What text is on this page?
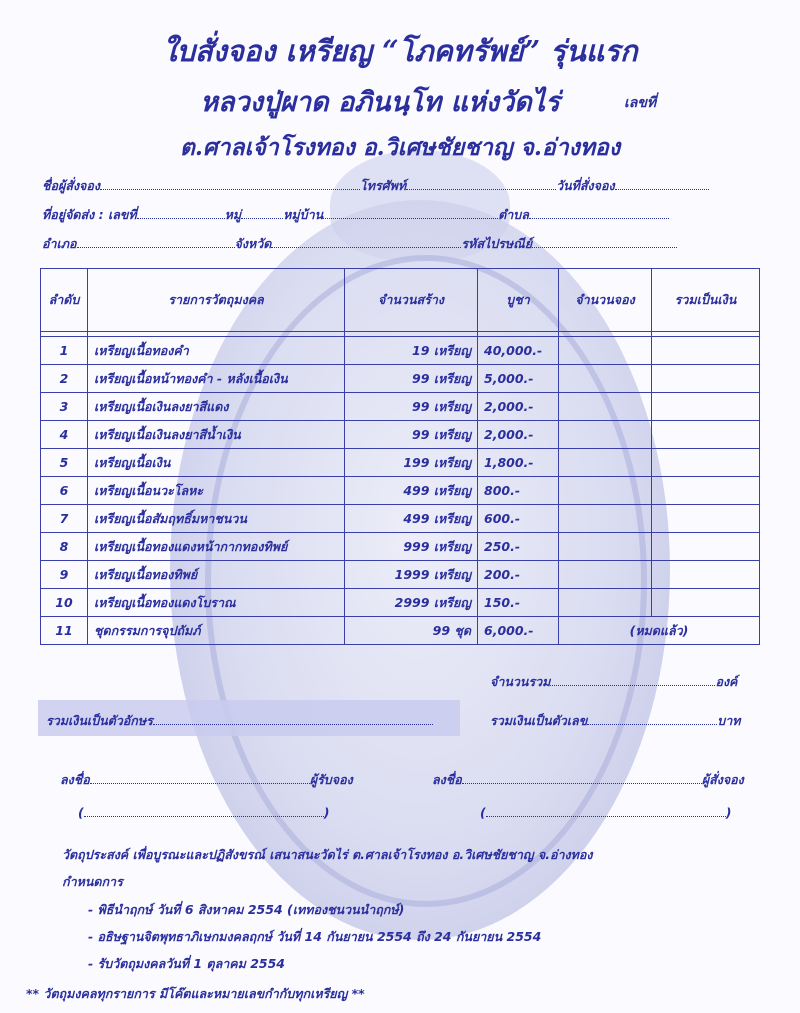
ใบสั่งจอง เหรียญ “โภคทรัพย์” รุ่นแรก
หลวงปู่ผาด อภินนฺโท แห่งวัดไร่	เลขที่
ต.ศาลเจ้าโรงทอง อ.วิเศษชัยชาญ จ.อ่างทอง
ชื่อผู้สั่งจอง	โทรศัพท์	วันที่สั่งจอง
ที่อยู่จัดส่ง : เลขที่	หมู่	หมู่บ้าน	ตำบล
อำเภอ	จังหวัด	รหัสไปรษณีย์
ลำดับ	รายการวัตถุมงคล	จำนวนสร้าง	บูชา	จำนวนจอง	รวมเป็นเงิน

1	เหรียญเนื้อทองคำ	19 เหรียญ	40,000.-		
2	เหรียญเนื้อหน้าทองคำ - หลังเนื้อเงิน	99 เหรียญ	5,000.-		
3	เหรียญเนื้อเงินลงยาสีแดง	99 เหรียญ	2,000.-		
4	เหรียญเนื้อเงินลงยาสีน้ำเงิน	99 เหรียญ	2,000.-		
5	เหรียญเนื้อเงิน	199 เหรียญ	1,800.-		
6	เหรียญเนื้อนวะโลหะ	499 เหรียญ	800.-		
7	เหรียญเนื้อสัมฤทธิ์มหาชนวน	499 เหรียญ	600.-		
8	เหรียญเนื้อทองแดงหน้ากากทองทิพย์	999 เหรียญ	250.-		
9	เหรียญเนื้อทองทิพย์	1999 เหรียญ	200.-		
10	เหรียญเนื้อทองแดงโบราณ	2999 เหรียญ	150.-		
11	ชุดกรรมการจุปถัมภ์	99 ชุด	6,000.-	(หมดแล้ว)	
จำนวนรวม	องค์
รวมเงินเป็นตัวอักษร	รวมเงินเป็นตัวเลข	บาท
ลงชื่อ	ผู้รับจอง	ลงชื่อ	ผู้สั่งจอง
(	)	(	)
วัตถุประสงค์ เพื่อบูรณะและปฏิสังขรณ์ เสนาสนะวัดไร่ ต.ศาลเจ้าโรงทอง อ.วิเศษชัยชาญ จ.อ่างทอง
กำหนดการ
- พิธีนำฤกษ์ วันที่ 6 สิงหาคม 2554 (เททองชนวนนำฤกษ์)
- อธิษฐานจิตพุทธาภิเษกมงคลฤกษ์ วันที่ 14 กันยายน 2554 ถึง 24 กันยายน 2554
- รับวัตถุมงคลวันที่ 1 ตุลาคม 2554
** วัตถุมงคลทุกรายการ มีโค๊ตและหมายเลขกำกับทุกเหรียญ **
